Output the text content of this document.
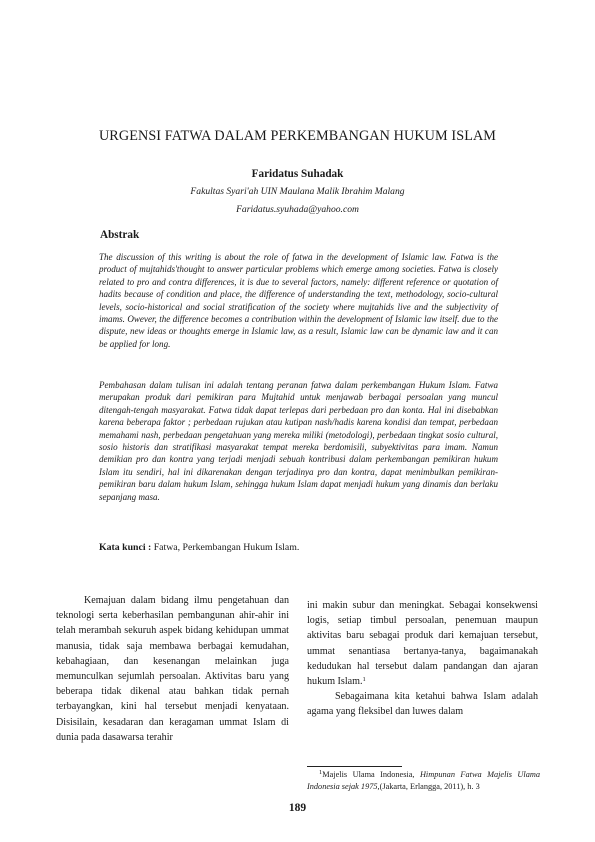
URGENSI FATWA DALAM PERKEMBANGAN HUKUM ISLAM
Faridatus Suhadak
Fakultas Syari'ah UIN Maulana Malik Ibrahim Malang
Faridatus.syuhada@yahoo.com
Abstrak

The discussion of this writing is about the role of fatwa in the development of Islamic law. Fatwa is the product of mujtahids'thought to answer particular problems which emerge among societies. Fatwa is closely related to pro and contra differences, it is due to several factors, namely: different reference or quotation of hadits because of condition and place, the difference of understanding the text, methodology, socio-cultural levels, socio-historical and social stratification of the society where mujtahids live and the subjectivity of imams. Owever, the difference becomes a contribution within the development of Islamic law itself. due to the dispute, new ideas or thoughts emerge in Islamic law, as a result, Islamic law can be dynamic law and it can be applied for long.

Pembahasan dalam tulisan ini adalah tentang peranan fatwa dalam perkembangan Hukum Islam. Fatwa merupakan produk dari pemikiran para Mujtahid untuk menjawab berbagai persoalan yang muncul ditengah-tengah masyarakat. Fatwa tidak dapat terlepas dari perbedaan pro dan konta. Hal ini disebabkan karena beberapa faktor ; perbedaan rujukan atau kutipan nash/hadis karena kondisi dan tempat, perbedaan memahami nash, perbedaan pengetahuan yang mereka miliki (metodologi), perbedaan tingkat sosio cultural, sosio historis dan stratifikasi masyarakat tempat mereka berdomisili, subyektivitas para imam. Namun demikian pro dan kontra yang terjadi menjadi sebuah kontribusi dalam perkembangan pemikiran hukum Islam itu sendiri, hal ini dikarenakan dengan terjadinya pro dan kontra, dapat menimbulkan pemikiran-pemikiran baru dalam hukum Islam, sehingga hukum Islam dapat menjadi hukum yang dinamis dan berlaku sepanjang masa.

Kata kunci : Fatwa, Perkembangan Hukum Islam.

Kemajuan dalam bidang ilmu pengetahuan dan teknologi serta keberhasilan pembangunan ahir-ahir ini telah merambah sekuruh aspek bidang kehidupan ummat manusia, tidak saja membawa berbagai kemudahan, kebahagiaan, dan kesenangan melainkan juga memunculkan sejumlah persoalan. Aktivitas baru yang beberapa tidak dikenal atau bahkan tidak pernah terbayangkan, kini hal tersebut menjadi kenyataan. Disisilain, kesadaran dan keragaman ummat Islam di dunia pada dasawarsa terahir

ini makin subur dan meningkat. Sebagai konsekwensi logis, setiap timbul persoalan, penemuan maupun aktivitas baru sebagai produk dari kemajuan tersebut, ummat senantiasa bertanya-tanya, bagaimanakah kedudukan hal tersebut dalam pandangan dan ajaran hukum Islam.$^1$

Sebagaimana kita ketahui bahwa Islam adalah agama yang fleksibel dan luwes dalam

$^1$Majelis Ulama Indonesia, Himpunan Fatwa Majelis Ulama Indonesia sejak 1975,(Jakarta, Erlangga, 2011), h. 3

189
